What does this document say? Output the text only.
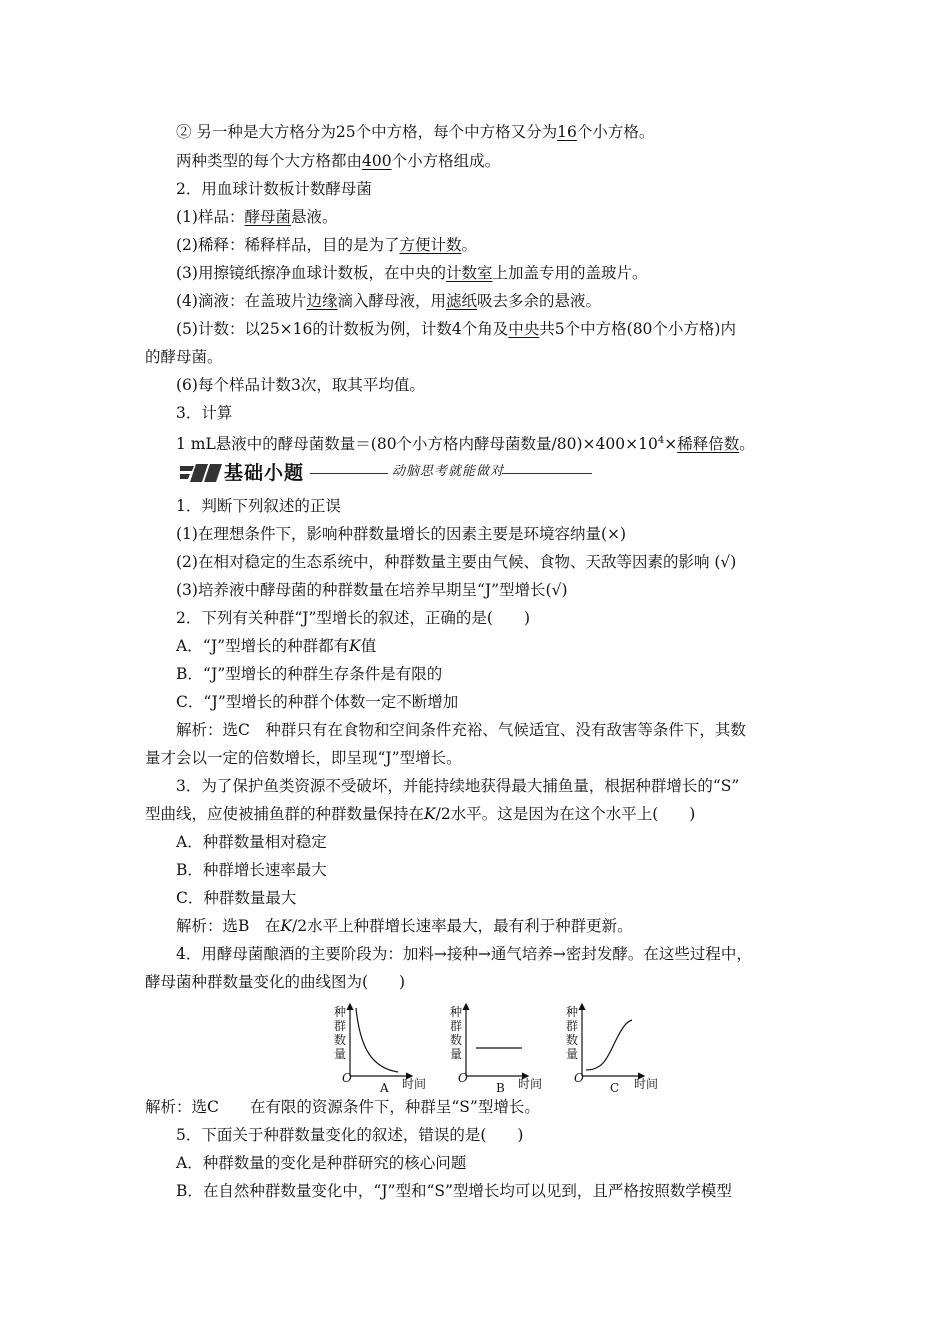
② 另一种是大方格分为25个中方格，每个中方格又分为16个小方格。
两种类型的每个大方格都由400个小方格组成。
2．用血球计数板计数酵母菌
(1)样品：酵母菌悬液。
(2)稀释：稀释样品，目的是为了方便计数。
(3)用擦镜纸擦净血球计数板，在中央的计数室上加盖专用的盖玻片。
(4)滴液：在盖玻片边缘滴入酵母液，用滤纸吸去多余的悬液。
(5)计数：以25×16的计数板为例，计数4个角及中央共5个中方格(80个小方格)内
的酵母菌。
(6)每个样品计数3次，取其平均值。
3．计算
1 mL悬液中的酵母菌数量＝(80个小方格内酵母菌数量$/80)\times 400\times 10^4\times$稀释倍数。
基础小题	动脑思考就能做对
1．判断下列叙述的正误
(1)在理想条件下，影响种群数量增长的因素主要是环境容纳量(×)
(2)在相对稳定的生态系统中，种群数量主要由气候、食物、天敌等因素的影响 (√)
(3)培养液中酵母菌的种群数量在培养早期呈“J”型增长(√)
2．下列有关种群“J”型增长的叙述，正确的是(　　)
A．“J”型增长的种群都有K值
B．“J”型增长的种群生存条件是有限的
C．“J”型增长的种群个体数一定不断增加
解析：选C　种群只有在食物和空间条件充裕、气候适宜、没有敌害等条件下，其数
量才会以一定的倍数增长，即呈现“J”型增长。
3．为了保护鱼类资源不受破坏，并能持续地获得最大捕鱼量，根据种群增长的“S”
型曲线，应使被捕鱼群的种群数量保持在K/2水平。这是因为在这个水平上(　　)
A．种群数量相对稳定
B．种群增长速率最大
C．种群数量最大
解析：选B　在K/2水平上种群增长速率最大，最有利于种群更新。
4．用酵母菌酿酒的主要阶段为：加料→接种→通气培养→密封发酵。在这些过程中，
酵母菌种群数量变化的曲线图为(　　)
O	时间
A
种群数量
O	时间
B
种群数量
O	时间
C
种群数量
解析：选C　　在有限的资源条件下，种群呈“S”型增长。
5．下面关于种群数量变化的叙述，错误的是(　　)
A．种群数量的变化是种群研究的核心问题
B．在自然种群数量变化中，“J”型和“S”型增长均可以见到，且严格按照数学模型
